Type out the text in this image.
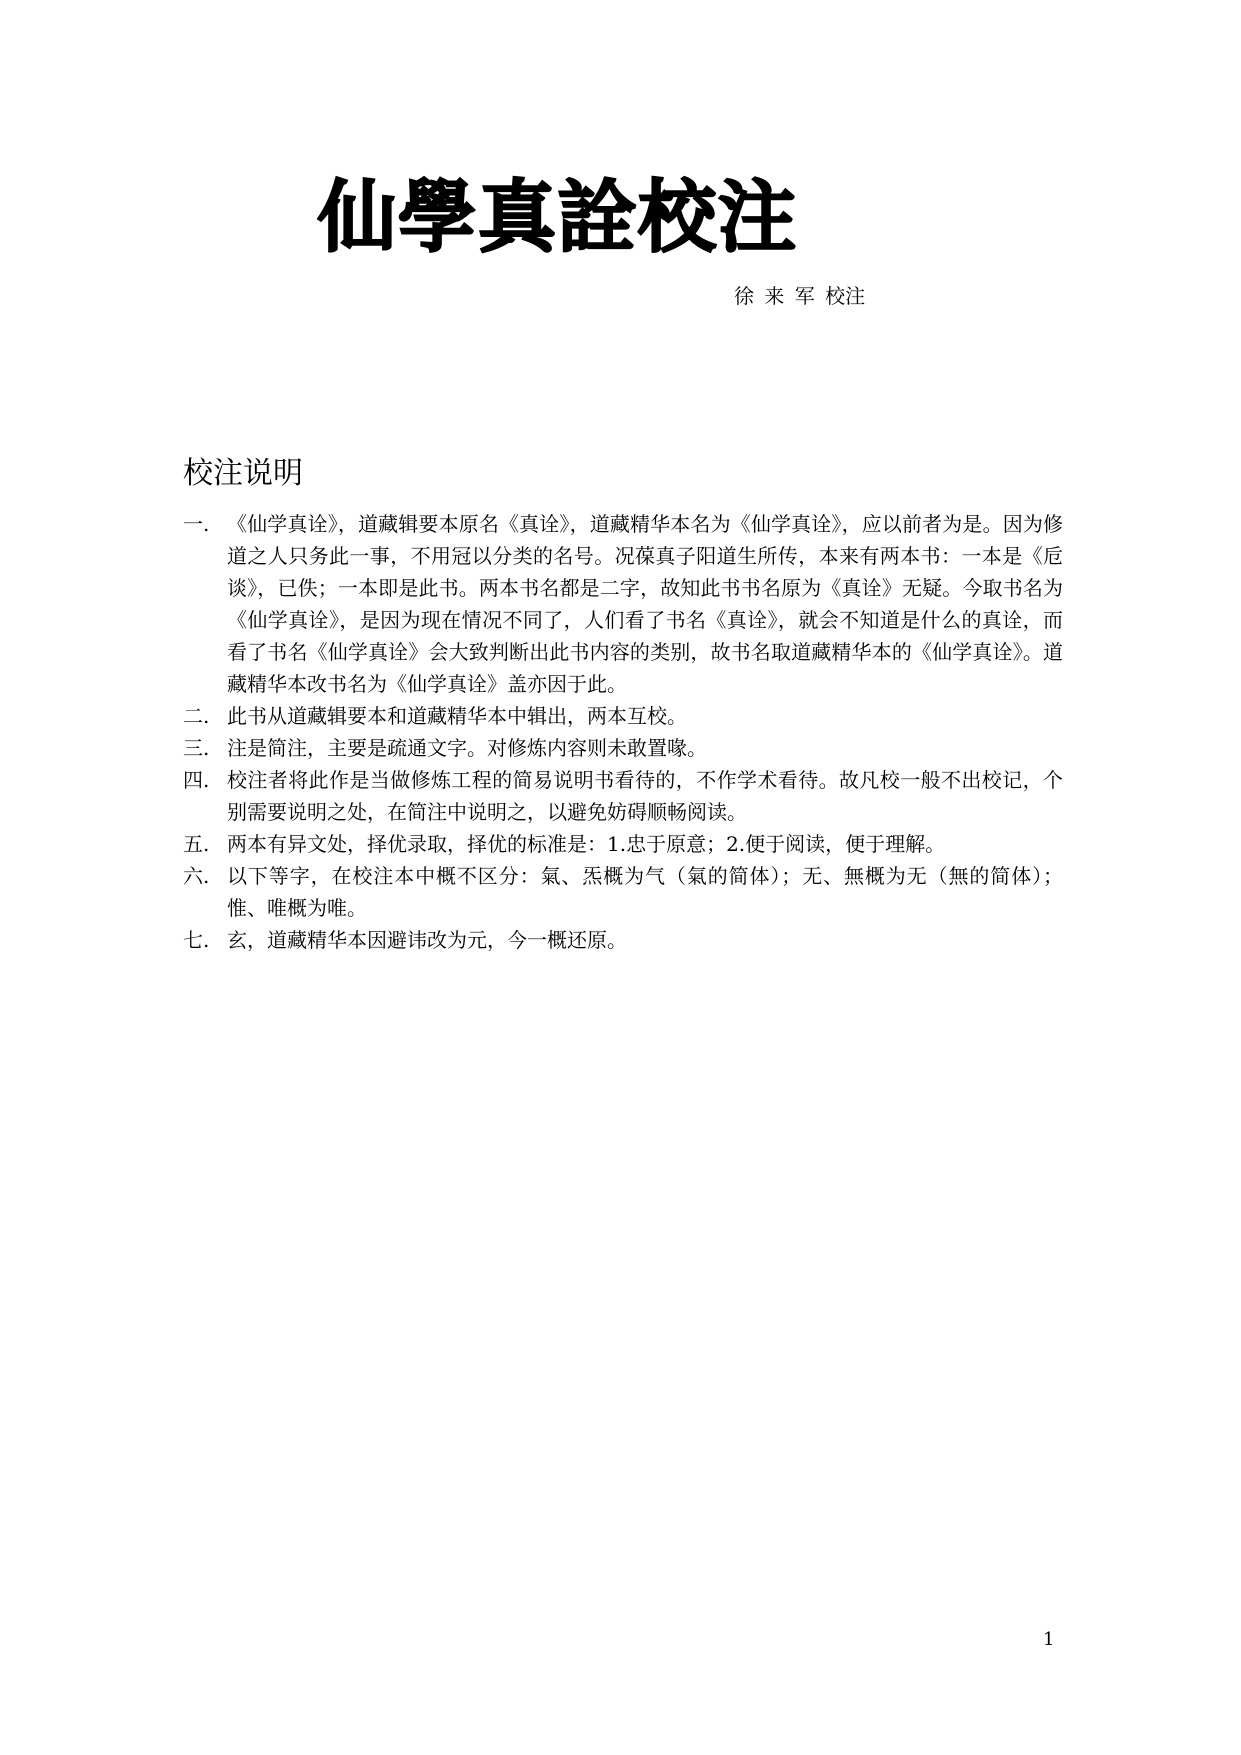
仙學真詮校注
徐 来 军 校注
校注说明
一. 《仙学真诠》，道藏辑要本原名《真诠》，道藏精华本名为《仙学真诠》，应以前者为是。因为修道之人只务此一事，不用冠以分类的名号。况葆真子阳道生所传，本来有两本书：一本是《卮谈》，已佚；一本即是此书。两本书名都是二字，故知此书书名原为《真诠》无疑。今取书名为《仙学真诠》，是因为现在情况不同了，人们看了书名《真诠》，就会不知道是什么的真诠，而看了书名《仙学真诠》会大致判断出此书内容的类别，故书名取道藏精华本的《仙学真诠》。道藏精华本改书名为《仙学真诠》盖亦因于此。
二. 此书从道藏辑要本和道藏精华本中辑出，两本互校。
三. 注是简注，主要是疏通文字。对修炼内容则未敢置喙。
四. 校注者将此作是当做修炼工程的简易说明书看待的，不作学术看待。故凡校一般不出校记，个别需要说明之处，在简注中说明之，以避免妨碍顺畅阅读。
五. 两本有异文处，择优录取，择优的标准是：1.忠于原意；2.便于阅读，便于理解。
六. 以下等字，在校注本中概不区分：氣、炁概为气（氣的简体）；无、無概为无（無的简体）；惟、唯概为唯。
七. 玄，道藏精华本因避讳改为元，今一概还原。
1
